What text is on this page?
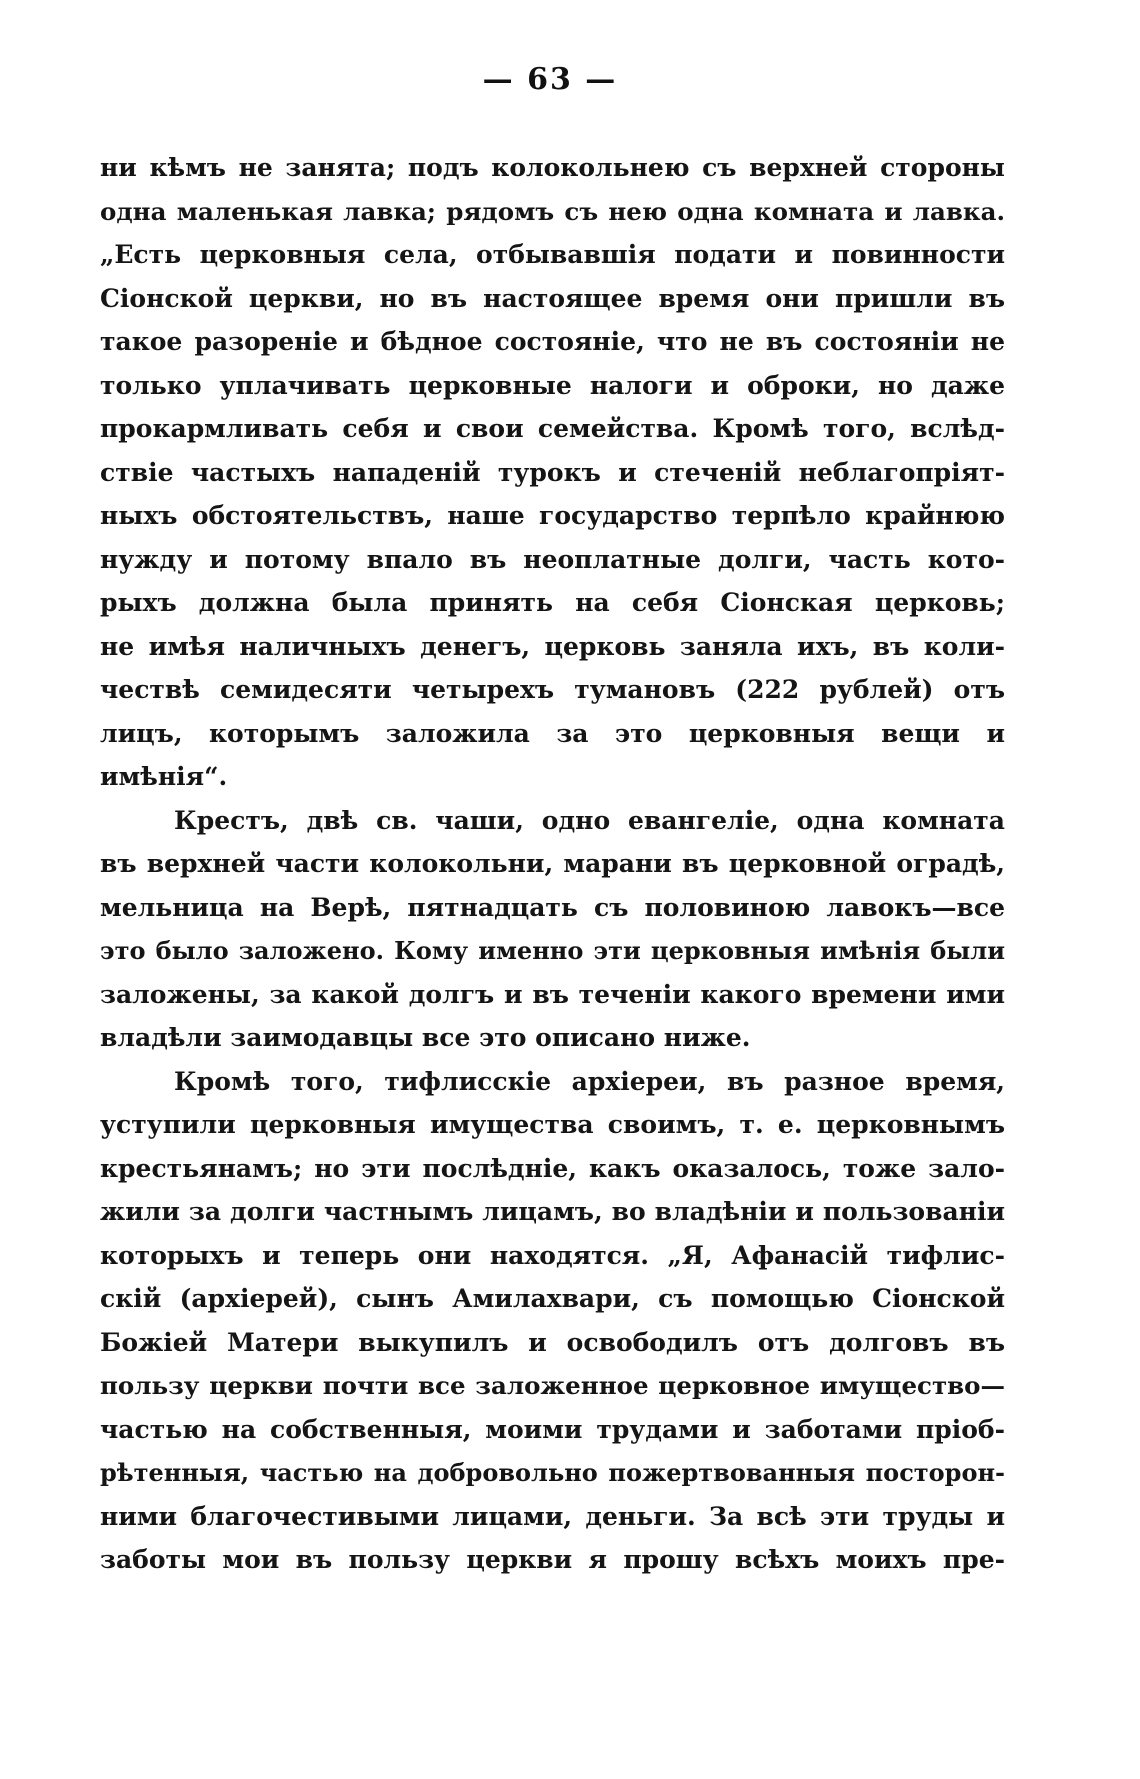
— 63 —
ни кѣмъ не занята; подъ колокольнею съ верхней стороны
одна маленькая лавка; рядомъ съ нею одна комната и лавка.
„Есть церковныя села, отбывавшія подати и повинности
Сіонской церкви, но въ настоящее время они пришли въ
такое разореніе и бѣдное состояніе, что не въ состояніи не
только уплачивать церковные налоги и оброки, но даже
прокармливать себя и свои семейства. Кромѣ того, вслѣд-
ствіе частыхъ нападеній турокъ и стеченій неблагопріят-
ныхъ обстоятельствъ, наше государство терпѣло крайнюю
нужду и потому впало въ неоплатные долги, часть кото-
рыхъ должна была принять на себя Сіонская церковь;
не имѣя наличныхъ денегъ, церковь заняла ихъ, въ коли-
чествѣ семидесяти четырехъ тумановъ (222 рублей) отъ
лицъ, которымъ заложила за это церковныя вещи и
имѣнія“.
Крестъ, двѣ св. чаши, одно евангеліе, одна комната
въ верхней части колокольни, марани въ церковной оградѣ,
мельница на Верѣ, пятнадцать съ половиною лавокъ—все
это было заложено. Кому именно эти церковныя имѣнія были
заложены, за какой долгъ и въ теченіи какого времени ими
владѣли заимодавцы все это описано ниже.
Кромѣ того, тифлисскіе архіереи, въ разное время,
уступили церковныя имущества своимъ, т. е. церковнымъ
крестьянамъ; но эти послѣдніе, какъ оказалось, тоже зало-
жили за долги частнымъ лицамъ, во владѣніи и пользованіи
которыхъ и теперь они находятся. „Я, Афанасій тифлис-
скій (архіерей), сынъ Амилахвари, съ помощью Сіонской
Божіей Матери выкупилъ и освободилъ отъ долговъ въ
пользу церкви почти все заложенное церковное имущество—
частью на собственныя, моими трудами и заботами пріоб-
рѣтенныя, частью на добровольно пожертвованныя посторон-
ними благочестивыми лицами, деньги. За всѣ эти труды и
заботы мои въ пользу церкви я прошу всѣхъ моихъ пре-
